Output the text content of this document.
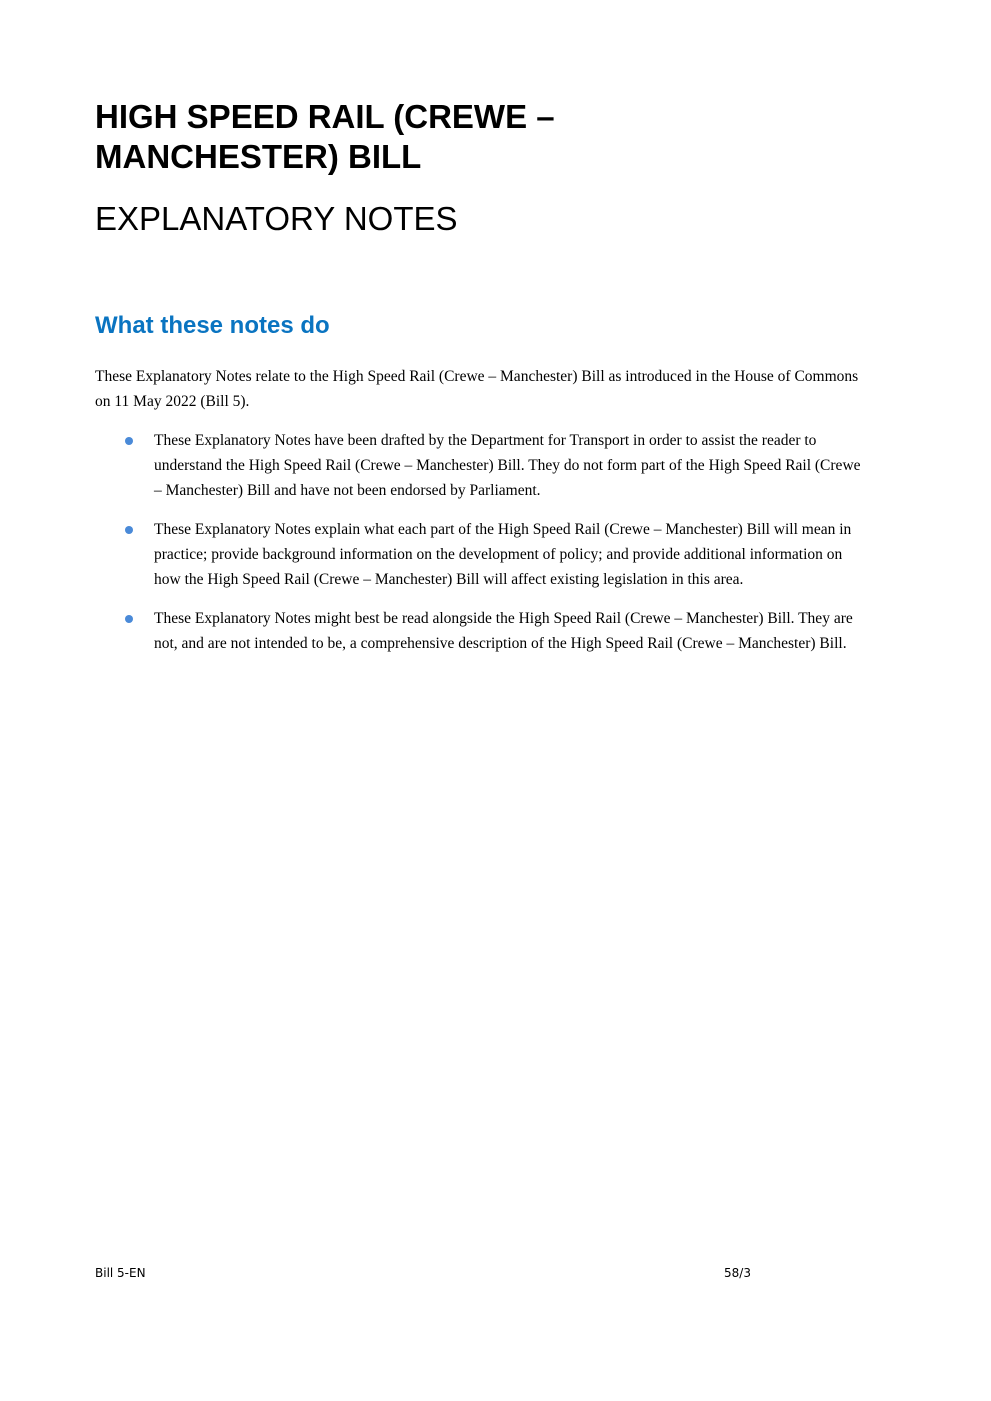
HIGH SPEED RAIL (CREWE – MANCHESTER) BILL
EXPLANATORY NOTES
What these notes do

These Explanatory Notes relate to the High Speed Rail (Crewe – Manchester) Bill as introduced in the House of Commons on 11 May 2022 (Bill 5).

These Explanatory Notes have been drafted by the Department for Transport in order to assist the reader to understand the High Speed Rail (Crewe – Manchester) Bill. They do not form part of the High Speed Rail (Crewe – Manchester) Bill and have not been endorsed by Parliament.
These Explanatory Notes explain what each part of the High Speed Rail (Crewe – Manchester) Bill will mean in practice; provide background information on the development of policy; and provide additional information on how the High Speed Rail (Crewe – Manchester) Bill will affect existing legislation in this area.
These Explanatory Notes might best be read alongside the High Speed Rail (Crewe – Manchester) Bill. They are not, and are not intended to be, a comprehensive description of the High Speed Rail (Crewe – Manchester) Bill.
Bill 5-EN	58/3
